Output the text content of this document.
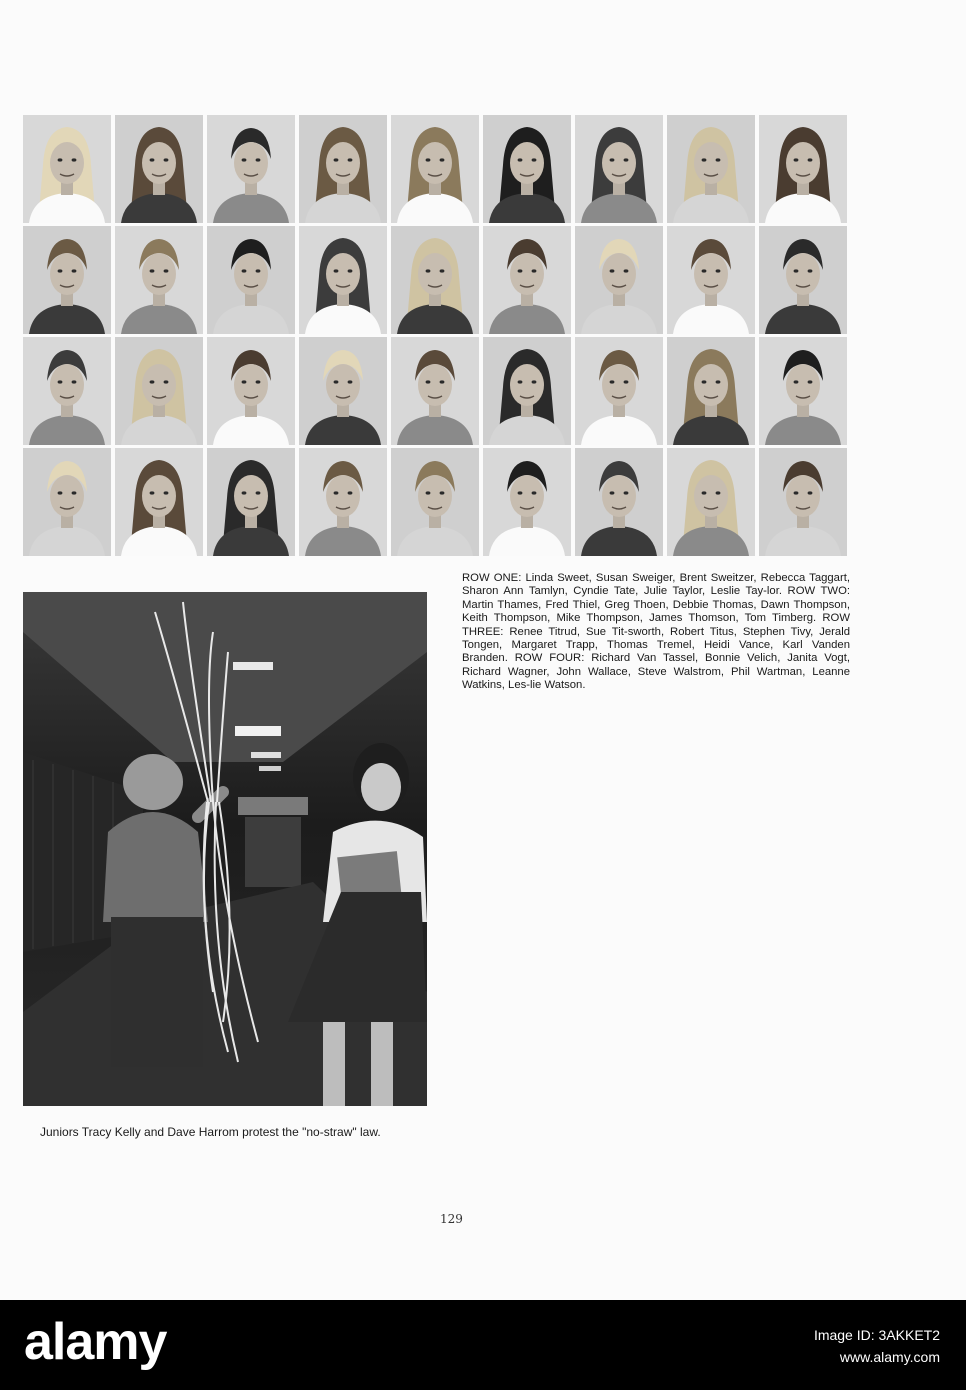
ROW ONE: Linda Sweet, Susan Sweiger, Brent Sweitzer, Rebecca Taggart, Sharon Ann Tamlyn, Cyndie Tate, Julie Taylor, Leslie Tay-lor. ROW TWO: Martin Thames, Fred Thiel, Greg Thoen, Debbie Thomas, Dawn Thompson, Keith Thompson, Mike Thompson, James Thomson, Tom Timberg. ROW THREE: Renee Titrud, Sue Tit-sworth, Robert Titus, Stephen Tivy, Jerald Tongen, Margaret Trapp, Thomas Tremel, Heidi Vance, Karl Vanden Branden. ROW FOUR: Richard Van Tassel, Bonnie Velich, Janita Vogt, Richard Wagner, John Wallace, Steve Walstrom, Phil Wartman, Leanne Watkins, Les-lie Watson.

Juniors Tracy Kelly and Dave Harrom protest the "no-straw" law.

129

alamy	Image ID: 3AKKET2
www.alamy.com
